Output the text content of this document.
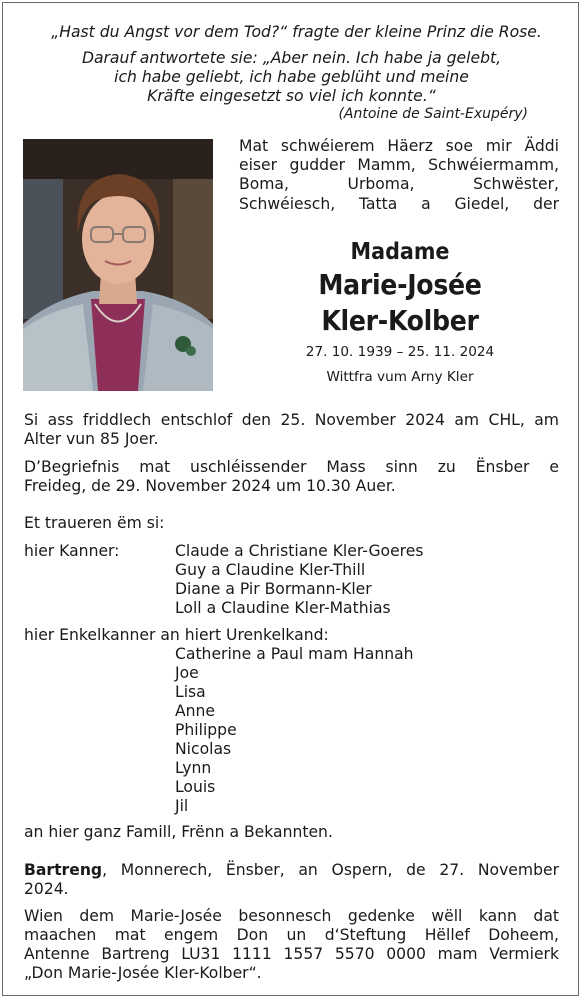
„Hast du Angst vor dem Tod?“ fragte der kleine Prinz die Rose.
Darauf antwortete sie: „Aber nein. Ich habe ja gelebt,
ich habe geliebt, ich habe geblüht und meine
Kräfte eingesetzt so viel ich konnte.“
(Antoine de Saint-Exupéry)
Mat schwéierem Häerz soe mir Äddi
eiser gudder Mamm, Schwéiermamm,
Boma,	Urboma,	Schwëster,
Schwéiesch, Tatta a Giedel, der
Madame
Marie-Josée
Kler-Kolber
27. 10. 1939 – 25. 11. 2024
Wittfra vum Arny Kler
Si ass friddlech entschlof den 25. November 2024 am CHL, am
Alter vun 85 Joer.
D’Begriefnis mat uschléissender Mass sinn zu Ënsber e
Freideg, de 29. November 2024 um 10.30 Auer.
Et traueren ëm si:
hier Kanner:	Claude a Christiane Kler-Goeres
Guy a Claudine Kler-Thill
Diane a Pir Bormann-Kler
Loll a Claudine Kler-Mathias
hier Enkelkanner an hiert Urenkelkand:
Catherine a Paul mam Hannah
Joe
Lisa
Anne
Philippe
Nicolas
Lynn
Louis
Jil
an hier ganz Famill, Frënn a Bekannten.
Bartreng, Monnerech, Ënsber, an Ospern, de 27. November
2024.
Wien dem Marie-Josée besonnesch gedenke wëll kann dat
maachen mat engem Don un d‘Steftung Hëllef Doheem,
Antenne Bartreng LU31 1111 1557 5570 0000 mam Vermierk
„Don Marie-Josée Kler-Kolber“.
